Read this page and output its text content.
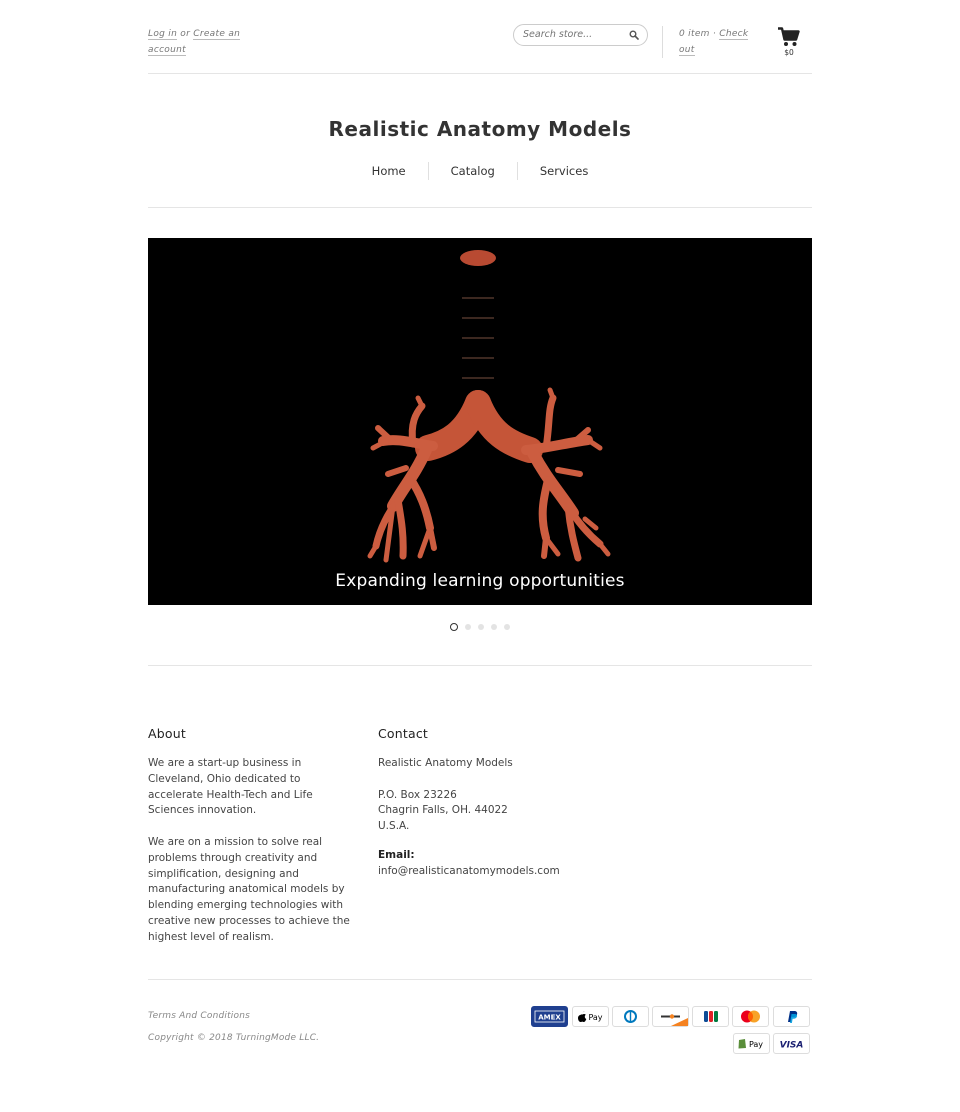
Log in or Create an account
Search store...
0 item · Check out	$0
Realistic Anatomy Models
Home	Catalog	Services
Expanding learning opportunities
About

We are a start-up business in Cleveland, Ohio dedicated to accelerate Health-Tech and Life Sciences innovation.

We are on a mission to solve real problems through creativity and simplification, designing and manufacturing anatomical models by blending emerging technologies with creative new processes to achieve the highest level of realism.

Contact

Realistic Anatomy Models

P.O. Box 23226
Chagrin Falls, OH. 44022
U.S.A.

Email:
info@realisticanatomymodels.com

Terms And Conditions
Copyright © 2018 TurningMode LLC.
AMEX	Pay
Pay VISA
